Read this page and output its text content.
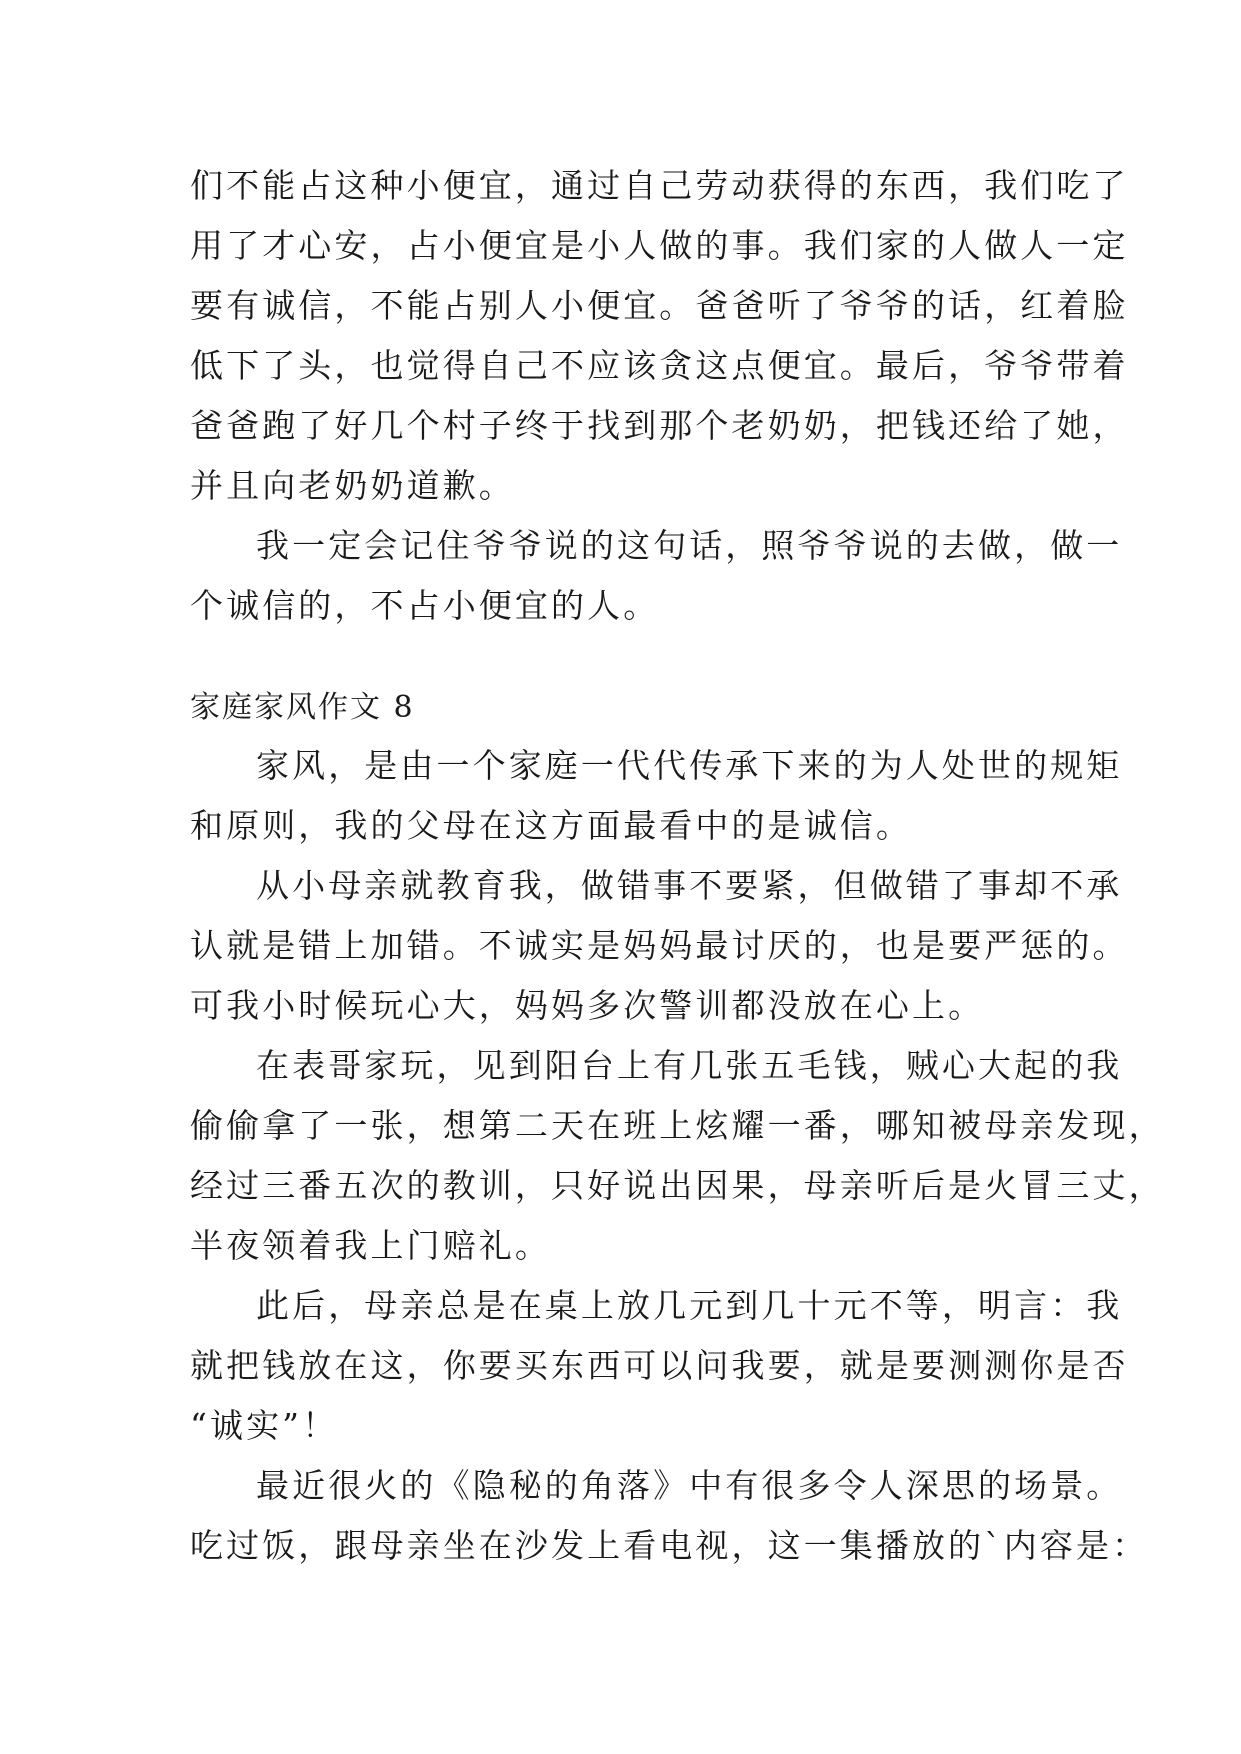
们不能占这种小便宜，通过自己劳动获得的东西，我们吃了
用了才心安，占小便宜是小人做的事。我们家的人做人一定
要有诚信，不能占别人小便宜。爸爸听了爷爷的话，红着脸
低下了头，也觉得自己不应该贪这点便宜。最后，爷爷带着
爸爸跑了好几个村子终于找到那个老奶奶，把钱还给了她，
并且向老奶奶道歉。
我一定会记住爷爷说的这句话，照爷爷说的去做，做一
个诚信的，不占小便宜的人。
家庭家风作文 8
家风，是由一个家庭一代代传承下来的为人处世的规矩
和原则，我的父母在这方面最看中的是诚信。
从小母亲就教育我，做错事不要紧，但做错了事却不承
认就是错上加错。不诚实是妈妈最讨厌的，也是要严惩的。
可我小时候玩心大，妈妈多次警训都没放在心上。
在表哥家玩，见到阳台上有几张五毛钱，贼心大起的我
偷偷拿了一张，想第二天在班上炫耀一番，哪知被母亲发现，
经过三番五次的教训，只好说出因果，母亲听后是火冒三丈，
半夜领着我上门赔礼。
此后，母亲总是在桌上放几元到几十元不等，明言：我
就把钱放在这，你要买东西可以问我要，就是要测测你是否
“诚实”！
最近很火的《隐秘的角落》中有很多令人深思的场景。
吃过饭，跟母亲坐在沙发上看电视，这一集播放的`内容是：
